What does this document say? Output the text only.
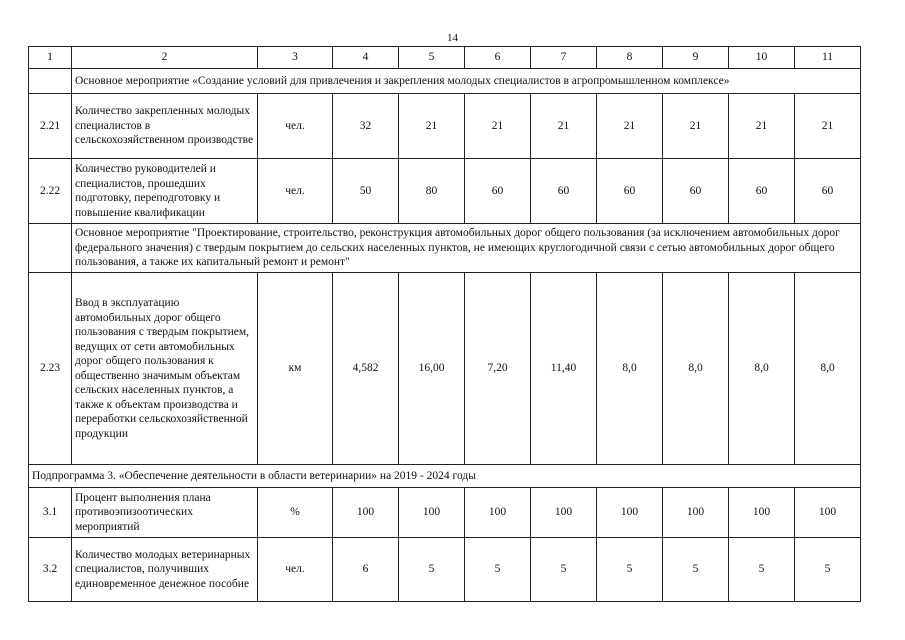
14
1	2	3	4	5	6	7	8	9	10	11
	Основное мероприятие «Создание условий для привлечения и закрепления молодых специалистов в агропромышленном комплексе»									
2.21	Количество закрепленных молодых специалистов в сельскохозяйственном производстве	чел.	32	21	21	21	21	21	21	21
2.22	Количество руководителей и специалистов, прошедших подготовку, переподготовку и повышение квалификации	чел.	50	80	60	60	60	60	60	60
	Основное мероприятие "Проектирование, строительство, реконструкция автомобильных дорог общего пользования (за исключением автомобильных дорог федерального значения) с твердым покрытием до сельских населенных пунктов, не имеющих круглогодичной связи с сетью автомобильных дорог общего пользования, а также их капитальный ремонт и ремонт"									
2.23	Ввод в эксплуатацию автомобильных дорог общего пользования с твердым покрытием, ведущих от сети автомобильных дорог общего пользования к общественно значимым объектам сельских населенных пунктов, а также к объектам производства и переработки сельскохозяйственной продукции	км	4,582	16,00	7,20	11,40	8,0	8,0	8,0	8,0
Подпрограмма 3. «Обеспечение деятельности в области ветеринарии» на 2019 - 2024 годы										
3.1	Процент выполнения плана противоэпизоотических мероприятий	%	100	100	100	100	100	100	100	100
3.2	Количество молодых ветеринарных специалистов, получивших единовременное денежное пособие	чел.	6	5	5	5	5	5	5	5
